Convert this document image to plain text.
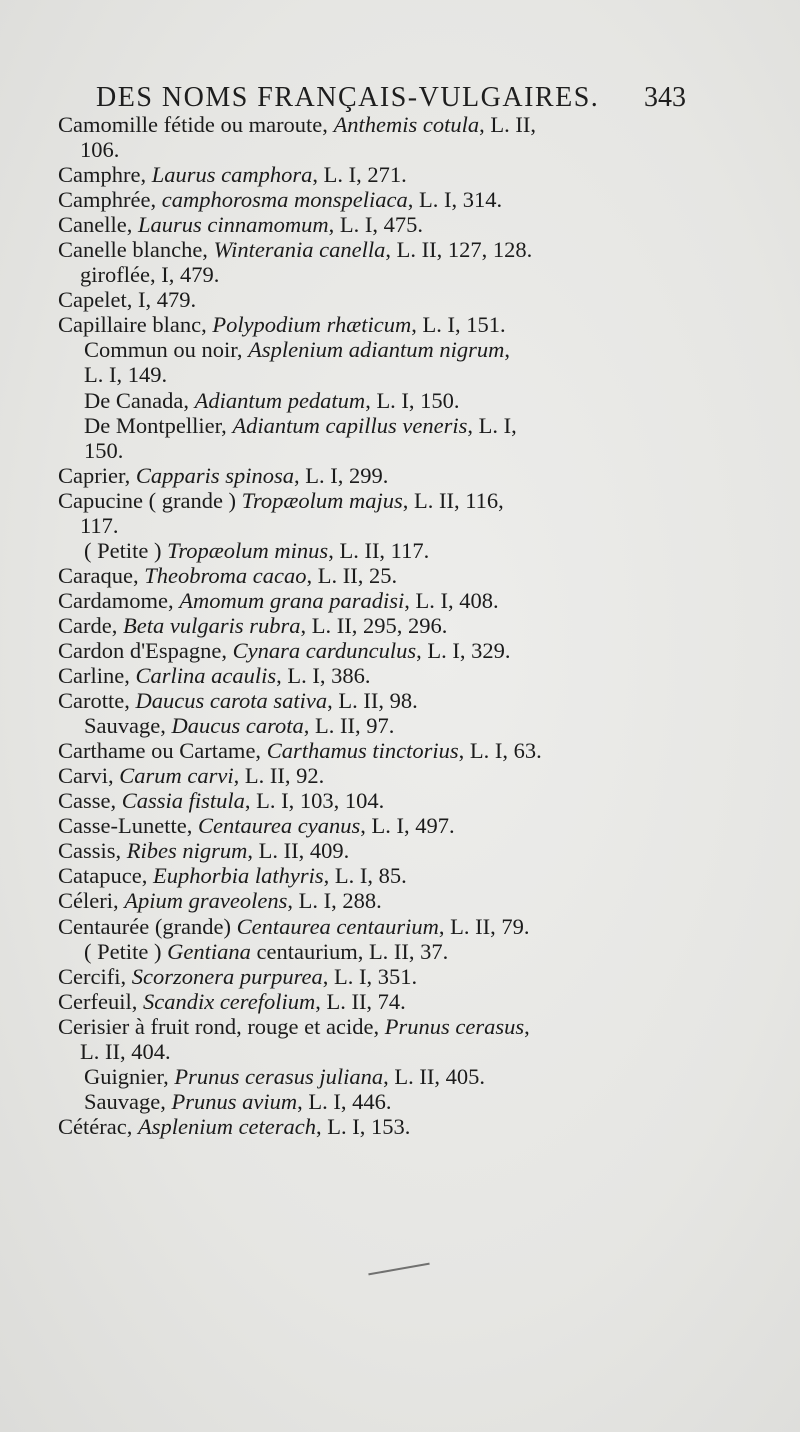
DES NOMS FRANÇAIS-VULGAIRES. 343
Camomille fétide ou maroute, Anthemis cotula, L. II,
106.
Camphre, Laurus camphora, L. I, 271.
Camphrée, camphorosma monspeliaca, L. I, 314.
Canelle, Laurus cinnamomum, L. I, 475.
Canelle blanche, Winterania canella, L. II, 127, 128.
giroflée, I, 479.
Capelet, I, 479.
Capillaire blanc, Polypodium rhæticum, L. I, 151.
Commun ou noir, Asplenium adiantum nigrum,
L. I, 149.
De Canada, Adiantum pedatum, L. I, 150.
De Montpellier, Adiantum capillus veneris, L. I,
150.
Caprier, Capparis spinosa, L. I, 299.
Capucine ( grande ) Tropæolum majus, L. II, 116,
117.
( Petite ) Tropæolum minus, L. II, 117.
Caraque, Theobroma cacao, L. II, 25.
Cardamome, Amomum grana paradisi, L. I, 408.
Carde, Beta vulgaris rubra, L. II, 295, 296.
Cardon d'Espagne, Cynara cardunculus, L. I, 329.
Carline, Carlina acaulis, L. I, 386.
Carotte, Daucus carota sativa, L. II, 98.
Sauvage, Daucus carota, L. II, 97.
Carthame ou Cartame, Carthamus tinctorius, L. I, 63.
Carvi, Carum carvi, L. II, 92.
Casse, Cassia fistula, L. I, 103, 104.
Casse-Lunette, Centaurea cyanus, L. I, 497.
Cassis, Ribes nigrum, L. II, 409.
Catapuce, Euphorbia lathyris, L. I, 85.
Céleri, Apium graveolens, L. I, 288.
Centaurée (grande) Centaurea centaurium, L. II, 79.
( Petite ) Gentiana centaurium, L. II, 37.
Cercifi, Scorzonera purpurea, L. I, 351.
Cerfeuil, Scandix cerefolium, L. II, 74.
Cerisier à fruit rond, rouge et acide, Prunus cerasus,
L. II, 404.
Guignier, Prunus cerasus juliana, L. II, 405.
Sauvage, Prunus avium, L. I, 446.
Cétérac, Asplenium ceterach, L. I, 153.
